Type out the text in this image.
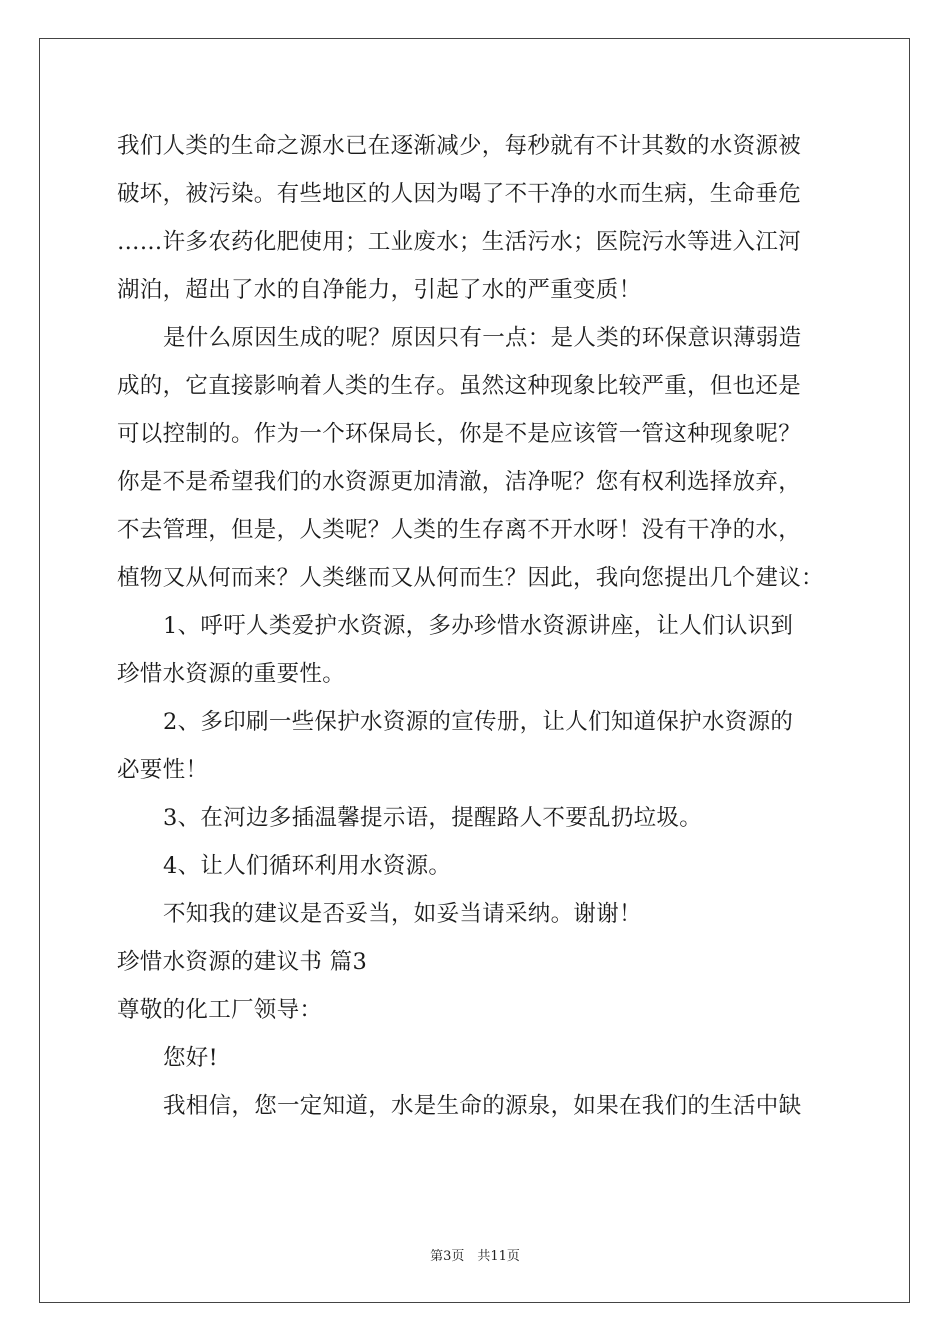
我们人类的生命之源水已在逐渐减少，每秒就有不计其数的水资源被
破坏，被污染。有些地区的人因为喝了不干净的水而生病，生命垂危
……许多农药化肥使用；工业废水；生活污水；医院污水等进入江河
湖泊，超出了水的自净能力，引起了水的严重变质！
是什么原因生成的呢？原因只有一点：是人类的环保意识薄弱造
成的，它直接影响着人类的生存。虽然这种现象比较严重，但也还是
可以控制的。作为一个环保局长，你是不是应该管一管这种现象呢？
你是不是希望我们的水资源更加清澈，洁净呢？您有权利选择放弃，
不去管理，但是，人类呢？人类的生存离不开水呀！没有干净的水，
植物又从何而来？人类继而又从何而生？因此，我向您提出几个建议：
1、呼吁人类爱护水资源，多办珍惜水资源讲座，让人们认识到
珍惜水资源的重要性。
2、多印刷一些保护水资源的宣传册，让人们知道保护水资源的
必要性！
3、在河边多插温馨提示语，提醒路人不要乱扔垃圾。
4、让人们循环利用水资源。
不知我的建议是否妥当，如妥当请采纳。谢谢！
珍惜水资源的建议书 篇3
尊敬的化工厂领导：
您好!
我相信，您一定知道，水是生命的源泉，如果在我们的生活中缺
第3页　共11页
